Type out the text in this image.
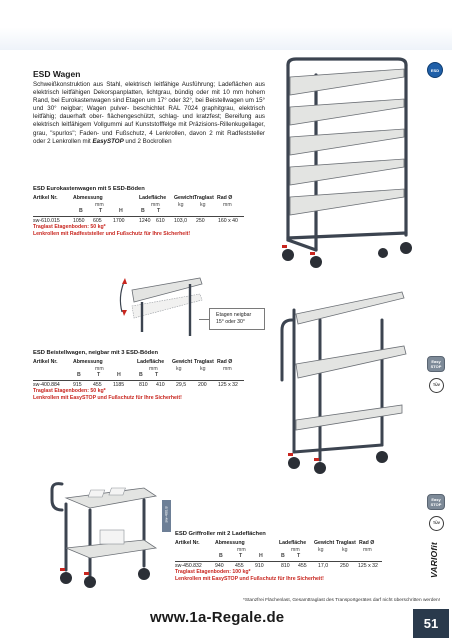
ESD
ESD Wagen

Schweißkonstruktion aus Stahl, elektrisch leitfähige Ausführung; Ladeflächen aus elektrisch leitfähigen Dekorspanplatten, lichtgrau, bündig oder mit 10 mm hohem Rand, bei Eurokastenwagen sind Etagen um 17° oder 32°, bei Beistellwagen um 15° und 30° neigbar; Wagen pulver- beschichtet RAL 7024 graphitgrau, elektrisch leitfähig; dauerhaft ober- flächengeschützt, schlag- und kratzfest; Bereifung aus elektrisch leitfähigem Vollgummi auf Kunststofffelge mit Präzisions-Rillenkugellager, grau, "spurlos"; Faden- und Fußschutz, 4 Lenkrollen, davon 2 mit Radfeststeller oder 2 Lenkrollen mit EasySTOP und 2 Bockrollen

ESD Eurokastenwagen mit 5 ESD-Böden
Artikel Nr.	Abmessung	Ladefläche	Gewicht Traglast Rad Ø
mm	mm	kg	kg	mm
B	T	H	B	T
sw-610.015	1050	605	1700	1240	610	103,0	250	160 x 40
Traglast Etagenboden: 50 kg*
Lenkrollen mit Radfeststeller und Fußschutz für Ihre Sicherheit!
Etagen neigbar
15° oder 30°
ESD Beistellwagen, neigbar mit 3 ESD-Böden
Artikel Nr.	Abmessung	Ladefläche	Gewicht Traglast Rad Ø
mm	mm	kg	kg	mm
B	T	H	B	T
sw-400.884	915	455	1185	810	410	29,5	200	125 x 32
Traglast Etagenboden: 50 kg*
Lenkrollen mit EasySTOP und Fußschutz für Ihre Sicherheit!
Easy STOP
TÜV
sw-400.8
ESD Griffroller mit 2 Ladeflächen
Artikel Nr.	Abmessung	Ladefläche	Gewicht Traglast Rad Ø
mm	mm	kg	kg	mm
B	T	H	B	T
sw-450.832	940	455	910	810	455	17,0	250	125 x 32
Traglast Etagenboden: 100 kg*
Lenkrollen mit EasySTOP und Fußschutz für Ihre Sicherheit!
Easy STOP
TÜV
VARIOfit
*Stanzfrei Flächenlast, Gesamttraglast des Transportgerätes darf nicht überschritten werden!
www.1a-Regale.de	51
